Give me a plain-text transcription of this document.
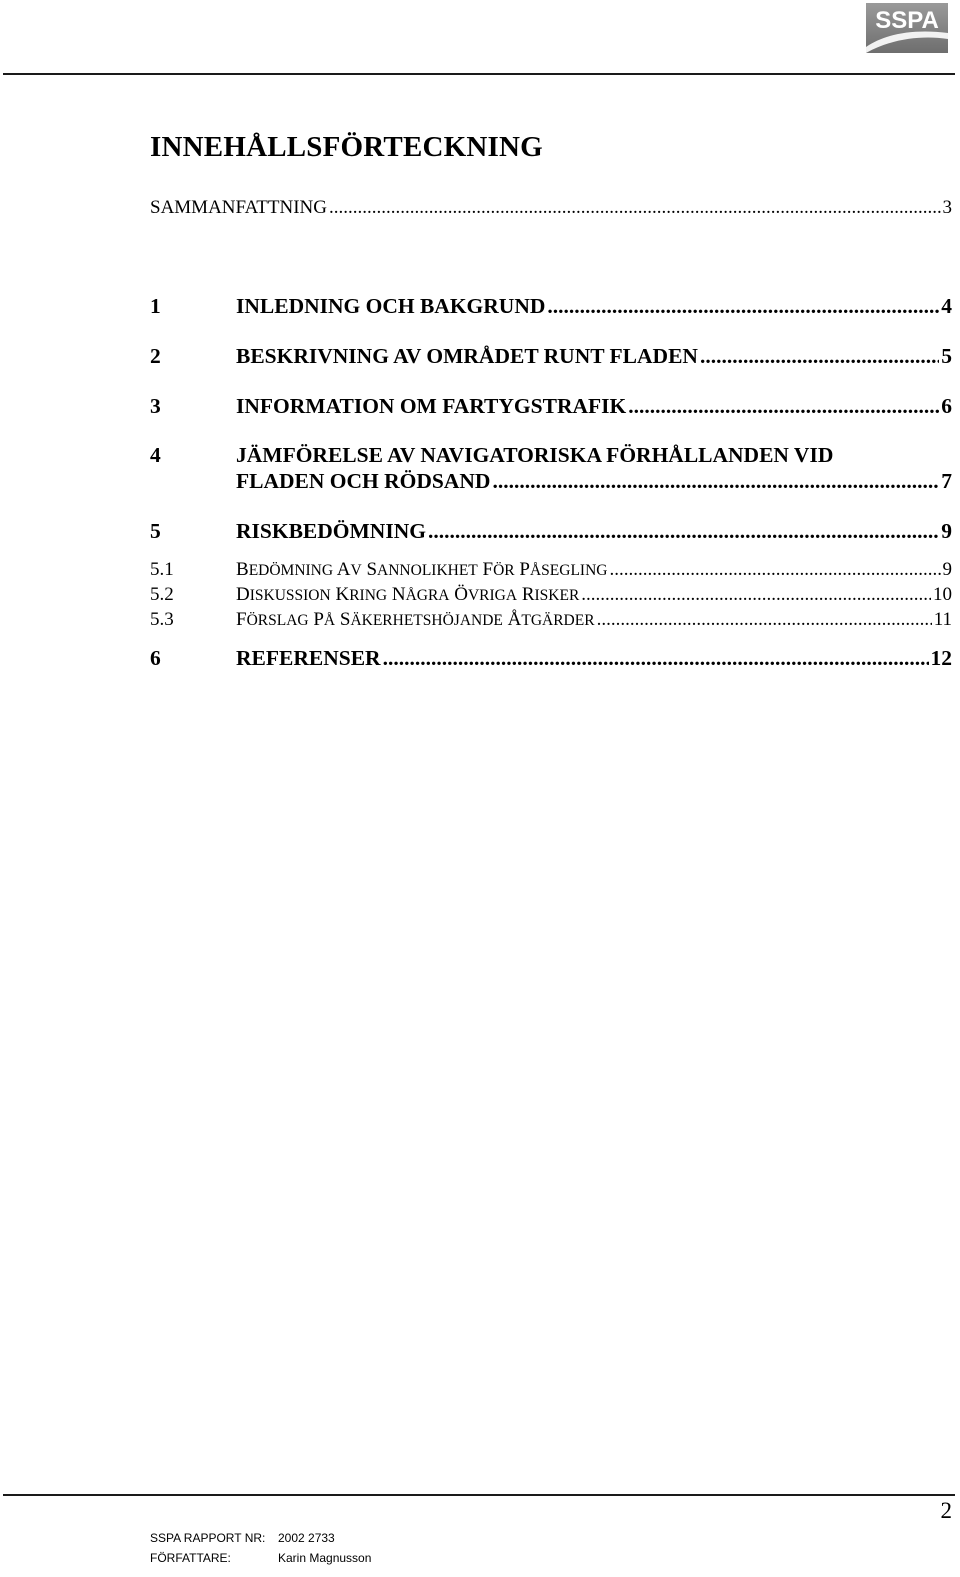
SSPA
INNEHÅLLSFÖRTECKNING
SAMMANFATTNING .....	3
1	INLEDNING OCH BAKGRUND .....	4
2	BESKRIVNING AV OMRÅDET RUNT FLADEN .....	5
3	INFORMATION OM FARTYGSTRAFIK .....	6
4	JÄMFÖRELSE AV NAVIGATORISKA FÖRHÅLLANDEN VID
FLADEN OCH RÖDSAND .....	7
5	RISKBEDÖMNING .....	9
5.1	BEDÖMNING AV SANNOLIKHET FÖR PÅSEGLING .....	9
5.2	DISKUSSION KRING NÅGRA ÖVRIGA RISKER .....	10
5.3	FÖRSLAG PÅ SÄKERHETSHÖJANDE ÅTGÄRDER .....	11
6	REFERENSER .....	12
2
SSPA RAPPORT NR: 2002 2733
FÖRFATTARE:	Karin Magnusson
